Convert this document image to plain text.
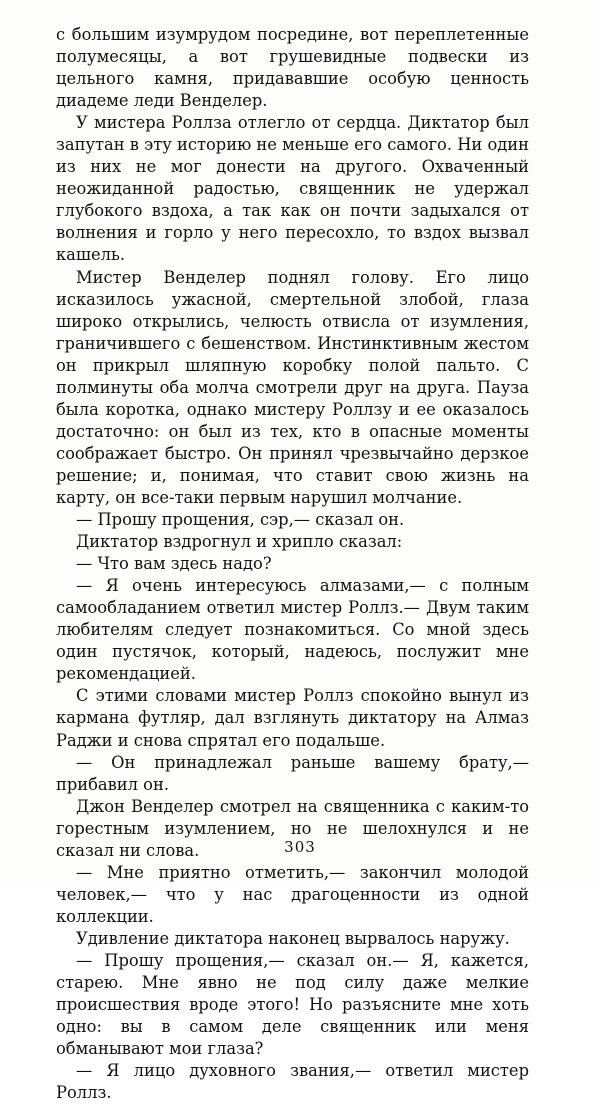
с большим изумрудом посредине, вот переплетенные полумесяцы, а вот грушевидные подвески из цельного камня, придававшие особую ценность диадеме леди Венделер.

У мистера Роллза отлегло от сердца. Диктатор был запутан в эту историю не меньше его самого. Ни один из них не мог донести на другого. Охваченный неожиданной радостью, священник не удержал глубокого вздоха, а так как он почти задыхался от волнения и горло у него пересохло, то вздох вызвал кашель.

Мистер Венделер поднял голову. Его лицо исказилось ужасной, смертельной злобой, глаза широко открылись, челюсть отвисла от изумления, граничившего с бешенством. Инстинктивным жестом он прикрыл шляпную коробку полой пальто. С полминуты оба молча смотрели друг на друга. Пауза была коротка, однако мистеру Роллзу и ее оказалось достаточно: он был из тех, кто в опасные моменты соображает быстро. Он принял чрезвычайно дерзкое решение; и, понимая, что ставит свою жизнь на карту, он все-таки первым нарушил молчание.

— Прошу прощения, сэр,— сказал он.

Диктатор вздрогнул и хрипло сказал:

— Что вам здесь надо?

— Я очень интересуюсь алмазами,— с полным самообладанием ответил мистер Роллз.— Двум таким любителям следует познакомиться. Со мной здесь один пустячок, который, надеюсь, послужит мне рекомендацией.

С этими словами мистер Роллз спокойно вынул из кармана футляр, дал взглянуть диктатору на Алмаз Раджи и снова спрятал его подальше.

— Он принадлежал раньше вашему брату,— прибавил он.

Джон Венделер смотрел на священника с каким-то горестным изумлением, но не шелохнулся и не сказал ни слова.

— Мне приятно отметить,— закончил молодой человек,— что у нас драгоценности из одной коллекции.

Удивление диктатора наконец вырвалось наружу.

— Прошу прощения,— сказал он.— Я, кажется, старею. Мне явно не под силу даже мелкие происшествия вроде этого! Но разъясните мне хоть одно: вы в самом деле священник или меня обманывают мои глаза?

— Я лицо духовного звания,— ответил мистер Роллз.

303
